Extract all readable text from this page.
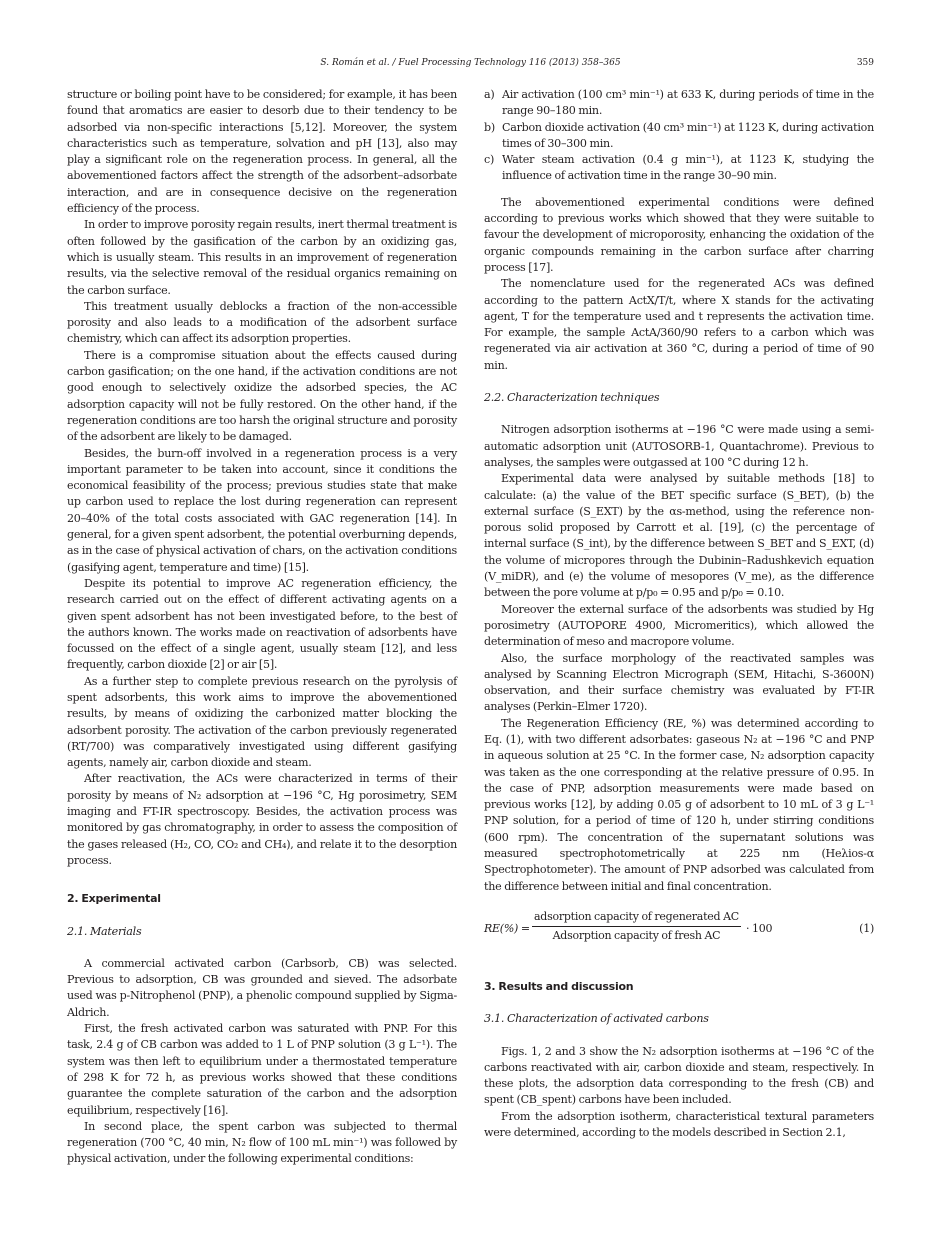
S. Román et al. / Fuel Processing Technology 116 (2013) 358–365	359

structure or boiling point have to be considered; for example, it has been found that aromatics are easier to desorb due to their tendency to be adsorbed via non-specific interactions [5,12]. Moreover, the system characteristics such as temperature, solvation and pH [13], also may play a significant role on the regeneration process. In general, all the abovementioned factors affect the strength of the adsorbent–adsorbate interaction, and are in consequence decisive on the regeneration efficiency of the process.

In order to improve porosity regain results, inert thermal treatment is often followed by the gasification of the carbon by an oxidizing gas, which is usually steam. This results in an improvement of regeneration results, via the selective removal of the residual organics remaining on the carbon surface.

This treatment usually deblocks a fraction of the non-accessible porosity and also leads to a modification of the adsorbent surface chemistry, which can affect its adsorption properties.

There is a compromise situation about the effects caused during carbon gasification; on the one hand, if the activation conditions are not good enough to selectively oxidize the adsorbed species, the AC adsorption capacity will not be fully restored. On the other hand, if the regeneration conditions are too harsh the original structure and porosity of the adsorbent are likely to be damaged.

Besides, the burn-off involved in a regeneration process is a very important parameter to be taken into account, since it conditions the economical feasibility of the process; previous studies state that make up carbon used to replace the lost during regeneration can represent 20–40% of the total costs associated with GAC regeneration [14]. In general, for a given spent adsorbent, the potential overburning depends, as in the case of physical activation of chars, on the activation conditions (gasifying agent, temperature and time) [15].

Despite its potential to improve AC regeneration efficiency, the research carried out on the effect of different activating agents on a given spent adsorbent has not been investigated before, to the best of the authors known. The works made on reactivation of adsorbents have focussed on the effect of a single agent, usually steam [12], and less frequently, carbon dioxide [2] or air [5].

As a further step to complete previous research on the pyrolysis of spent adsorbents, this work aims to improve the abovementioned results, by means of oxidizing the carbonized matter blocking the adsorbent porosity. The activation of the carbon previously regenerated (RT/700) was comparatively investigated using different gasifying agents, namely air, carbon dioxide and steam.

After reactivation, the ACs were characterized in terms of their porosity by means of N₂ adsorption at −196 °C, Hg porosimetry, SEM imaging and FT-IR spectroscopy. Besides, the activation process was monitored by gas chromatography, in order to assess the composition of the gases released (H₂, CO, CO₂ and CH₄), and relate it to the desorption process.

2. Experimental
2.1. Materials

A commercial activated carbon (Carbsorb, CB) was selected. Previous to adsorption, CB was grounded and sieved. The adsorbate used was p-Nitrophenol (PNP), a phenolic compound supplied by Sigma-Aldrich.

First, the fresh activated carbon was saturated with PNP. For this task, 2.4 g of CB carbon was added to 1 L of PNP solution (3 g L⁻¹). The system was then left to equilibrium under a thermostated temperature of 298 K for 72 h, as previous works showed that these conditions guarantee the complete saturation of the carbon and the adsorption equilibrium, respectively [16].

In second place, the spent carbon was subjected to thermal regeneration (700 °C, 40 min, N₂ flow of 100 mL min⁻¹) was followed by physical activation, under the following experimental conditions:

a) Air activation (100 cm³ min⁻¹) at 633 K, during periods of time in the range 90–180 min.
b) Carbon dioxide activation (40 cm³ min⁻¹) at 1123 K, during activation times of 30–300 min.
c) Water steam activation (0.4 g min⁻¹), at 1123 K, studying the influence of activation time in the range 30–90 min.

The abovementioned experimental conditions were defined according to previous works which showed that they were suitable to favour the development of microporosity, enhancing the oxidation of the organic compounds remaining in the carbon surface after charring process [17].

The nomenclature used for the regenerated ACs was defined according to the pattern ActX/T/t, where X stands for the activating agent, T for the temperature used and t represents the activation time. For example, the sample ActA/360/90 refers to a carbon which was regenerated via air activation at 360 °C, during a period of time of 90 min.

2.2. Characterization techniques

Nitrogen adsorption isotherms at −196 °C were made using a semi-automatic adsorption unit (AUTOSORB-1, Quantachrome). Previous to analyses, the samples were outgassed at 100 °C during 12 h.

Experimental data were analysed by suitable methods [18] to calculate: (a) the value of the BET specific surface (S_BET), (b) the external surface (S_EXT) by the αs-method, using the reference non-porous solid proposed by Carrott et al. [19], (c) the percentage of internal surface (S_int), by the difference between S_BET and S_EXT, (d) the volume of micropores through the Dubinin–Radushkevich equation (V_miDR), and (e) the volume of mesopores (V_me), as the difference between the pore volume at p/p₀ = 0.95 and p/p₀ = 0.10.

Moreover the external surface of the adsorbents was studied by Hg porosimetry (AUTOPORE 4900, Micromeritics), which allowed the determination of meso and macropore volume.

Also, the surface morphology of the reactivated samples was analysed by Scanning Electron Micrograph (SEM, Hitachi, S-3600N) observation, and their surface chemistry was evaluated by FT-IR analyses (Perkin–Elmer 1720).

The Regeneration Efficiency (RE, %) was determined according to Eq. (1), with two different adsorbates: gaseous N₂ at −196 °C and PNP in aqueous solution at 25 °C. In the former case, N₂ adsorption capacity was taken as the one corresponding at the relative pressure of 0.95. In the case of PNP, adsorption measurements were made based on previous works [12], by adding 0.05 g of adsorbent to 10 mL of 3 g L⁻¹ PNP solution, for a period of time of 120 h, under stirring conditions (600 rpm). The concentration of the supernatant solutions was measured spectrophotometrically at 225 nm (Heλios-α Spectrophotometer). The amount of PNP adsorbed was calculated from the difference between initial and final concentration.

RE(%) =
adsorption capacity of regenerated AC
Adsorption capacity of fresh AC
· 100	(1)
3. Results and discussion
3.1. Characterization of activated carbons

Figs. 1, 2 and 3 show the N₂ adsorption isotherms at −196 °C of the carbons reactivated with air, carbon dioxide and steam, respectively. In these plots, the adsorption data corresponding to the fresh (CB) and spent (CB_spent) carbons have been included.

From the adsorption isotherm, characteristical textural parameters were determined, according to the models described in Section 2.1,
